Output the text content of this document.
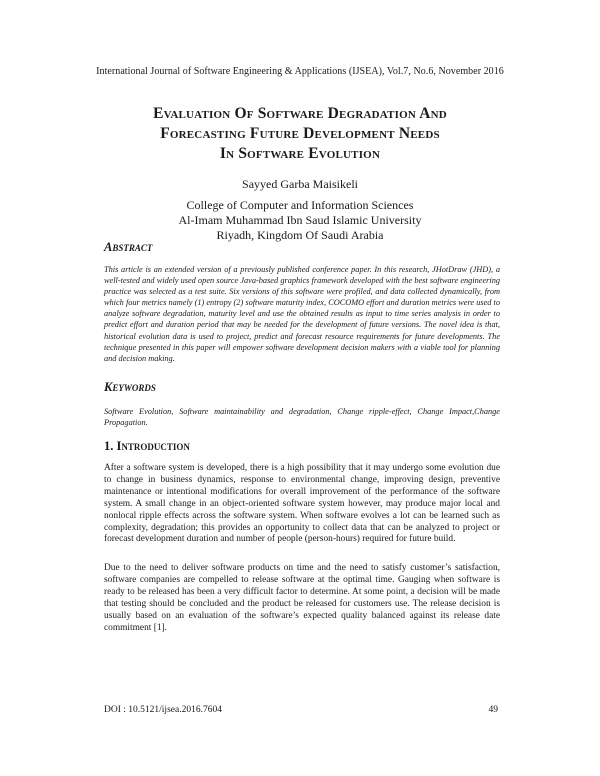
International Journal of Software Engineering & Applications (IJSEA), Vol.7, No.6, November 2016
Evaluation Of Software Degradation And
Forecasting Future Development Needs
In Software Evolution
Sayyed Garba Maisikeli
College of Computer and Information Sciences
Al-Imam Muhammad Ibn Saud Islamic University
Riyadh, Kingdom Of Saudi Arabia
Abstract
This article is an extended version of a previously published conference paper. In this research, JHotDraw (JHD), a well-tested and widely used open source Java-based graphics framework developed with the best software engineering practice was selected as a test suite. Six versions of this software were profiled, and data collected dynamically, from which four metrics namely (1) entropy (2) software maturity index, COCOMO effort and duration metrics were used to analyze software degradation, maturity level and use the obtained results as input to time series analysis in order to predict effort and duration period that may be needed for the development of future versions. The novel idea is that, historical evolution data is used to project, predict and forecast resource requirements for future developments. The technique presented in this paper will empower software development decision makers with a viable tool for planning and decision making.
Keywords
Software Evolution, Software maintainability and degradation, Change ripple-effect, Change Impact,Change Propagation.
1. Introduction
After a software system is developed, there is a high possibility that it may undergo some evolution due to change in business dynamics, response to environmental change, improving design, preventive maintenance or intentional modifications for overall improvement of the performance of the software system. A small change in an object-oriented software system however, may produce major local and nonlocal ripple effects across the software system. When software evolves a lot can be learned such as complexity, degradation; this provides an opportunity to collect data that can be analyzed to project or forecast development duration and number of people (person-hours) required for future build.
Due to the need to deliver software products on time and the need to satisfy customer’s satisfaction, software companies are compelled to release software at the optimal time. Gauging when software is ready to be released has been a very difficult factor to determine. At some point, a decision will be made that testing should be concluded and the product be released for customers use. The release decision is usually based on an evaluation of the software’s expected quality balanced against its release date commitment [1].
DOI : 10.5121/ijsea.2016.7604	49
